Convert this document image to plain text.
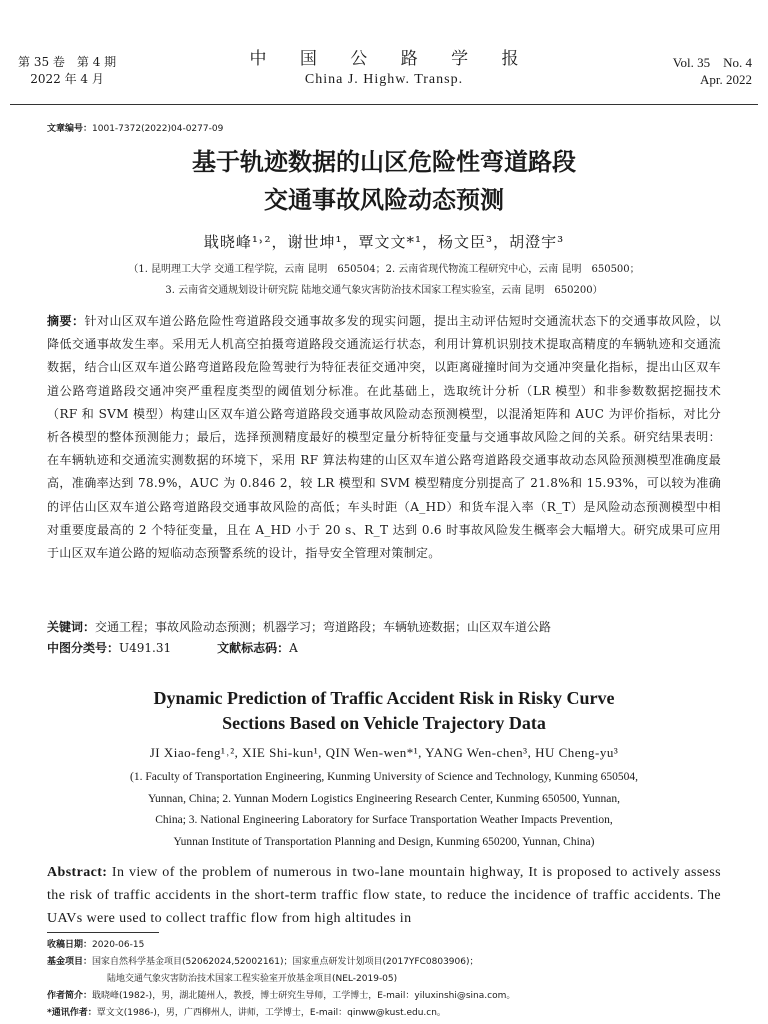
第 35 卷　第 4 期
2022 年 4 月
中 国 公 路 学 报
China J. Highw. Transp.
Vol. 35　No. 4
Apr. 2022
文章编号：1001-7372(2022)04-0277-09
基于轨迹数据的山区危险性弯道路段
交通事故风险动态预测
戢晓峰¹˒²，谢世坤¹，覃文文*¹，杨文臣³，胡澄宇³
（1. 昆明理工大学 交通工程学院，云南 昆明　650504；2. 云南省现代物流工程研究中心，云南 昆明　650500；
3. 云南省交通规划设计研究院 陆地交通气象灾害防治技术国家工程实验室，云南 昆明　650200）
摘要：针对山区双车道公路危险性弯道路段交通事故多发的现实问题，提出主动评估短时交通流状态下的交通事故风险，以降低交通事故发生率。采用无人机高空拍摄弯道路段交通流运行状态，利用计算机识别技术提取高精度的车辆轨迹和交通流数据，结合山区双车道公路弯道路段危险驾驶行为特征表征交通冲突，以距离碰撞时间为交通冲突量化指标，提出山区双车道公路弯道路段交通冲突严重程度类型的阈值划分标准。在此基础上，选取统计分析（LR 模型）和非参数数据挖掘技术（RF 和 SVM 模型）构建山区双车道公路弯道路段交通事故风险动态预测模型，以混淆矩阵和 AUC 为评价指标，对比分析各模型的整体预测能力；最后，选择预测精度最好的模型定量分析特征变量与交通事故风险之间的关系。研究结果表明：在车辆轨迹和交通流实测数据的环境下，采用 RF 算法构建的山区双车道公路弯道路段交通事故动态风险预测模型准确度最高，准确率达到 78.9%，AUC 为 0.846 2，较 LR 模型和 SVM 模型精度分别提高了 21.8%和 15.93%，可以较为准确的评估山区双车道公路弯道路段交通事故风险的高低；车头时距（A_HD）和货车混入率（R_T）是风险动态预测模型中相对重要度最高的 2 个特征变量，且在 A_HD 小于 20 s、R_T 达到 0.6 时事故风险发生概率会大幅增大。研究成果可应用于山区双车道公路的短临动态预警系统的设计，指导安全管理对策制定。
关键词：交通工程；事故风险动态预测；机器学习；弯道路段；车辆轨迹数据；山区双车道公路
中图分类号：U491.31	文献标志码：A
Dynamic Prediction of Traffic Accident Risk in Risky Curve
Sections Based on Vehicle Trajectory Data
JI Xiao-feng¹˒², XIE Shi-kun¹, QIN Wen-wen*¹, YANG Wen-chen³, HU Cheng-yu³
(1. Faculty of Transportation Engineering, Kunming University of Science and Technology, Kunming 650504,
Yunnan, China; 2. Yunnan Modern Logistics Engineering Research Center, Kunming 650500, Yunnan,
China; 3. National Engineering Laboratory for Surface Transportation Weather Impacts Prevention,
Yunnan Institute of Transportation Planning and Design, Kunming 650200, Yunnan, China)
Abstract: In view of the problem of numerous in two-lane mountain highway, It is proposed to actively assess the risk of traffic accidents in the short-term traffic flow state, to reduce the incidence of traffic accidents. The UAVs were used to collect traffic flow from high altitudes in
收稿日期：2020-06-15
基金项目：国家自然科学基金项目(52062024,52002161)；国家重点研发计划项目(2017YFC0803906)；
陆地交通气象灾害防治技术国家工程实验室开放基金项目(NEL-2019-05)
作者简介：戢晓峰(1982-)，男，湖北随州人，教授，博士研究生导师，工学博士，E-mail：yiluxinshi@sina.com。
*通讯作者：覃文文(1986-)，男，广西柳州人，讲师，工学博士，E-mail：qinww@kust.edu.cn。
